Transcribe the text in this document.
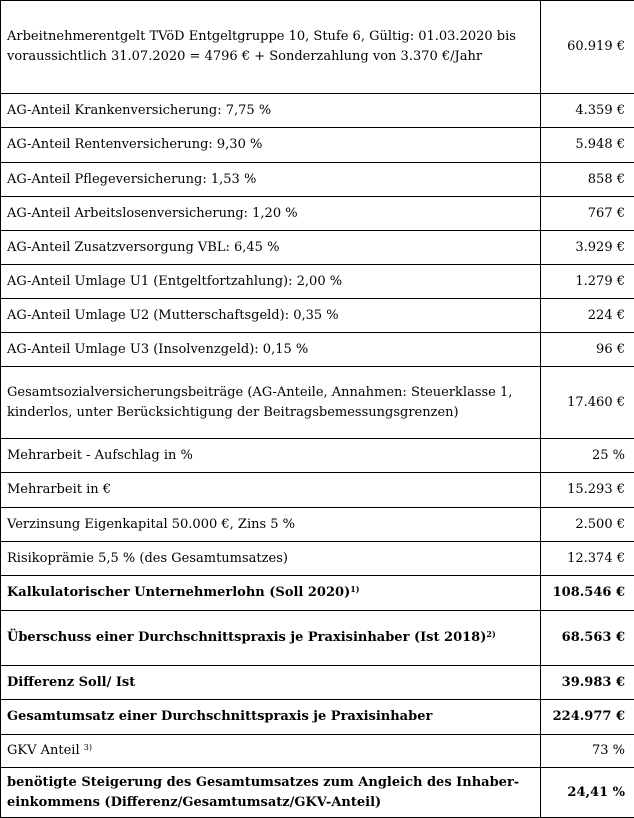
Arbeitnehmerentgelt TVöD Entgeltgruppe 10, Stufe 6, Gültig: 01.03.2020 bis voraussichtlich 31.07.2020 = 4796 € + Sonderzahlung von 3.370 €/Jahr	60.919 €
AG-Anteil Krankenversicherung: 7,75 %	4.359 €
AG-Anteil Rentenversicherung: 9,30 %	5.948 €
AG-Anteil Pflegeversicherung: 1,53 %	858 €
AG-Anteil Arbeitslosenversicherung: 1,20 %	767 €
AG-Anteil Zusatzversorgung VBL: 6,45 %	3.929 €
AG-Anteil Umlage U1 (Entgeltfortzahlung): 2,00 %	1.279 €
AG-Anteil Umlage U2 (Mutterschaftsgeld): 0,35 %	224 €
AG-Anteil Umlage U3 (Insolvenzgeld): 0,15 %	96 €
Gesamtsozialversicherungsbeiträge (AG-Anteile, Annahmen: Steuerklasse 1, kinderlos, unter Berücksichtigung der Beitragsbemessungsgrenzen)	17.460 €
Mehrarbeit - Aufschlag in %	25 %
Mehrarbeit in €	15.293 €
Verzinsung Eigenkapital 50.000 €, Zins 5 %	2.500 €
Risikoprämie 5,5 % (des Gesamtumsatzes)	12.374 €
Kalkulatorischer Unternehmerlohn (Soll 2020)$^{1)}$	108.546 €
Überschuss einer Durchschnittspraxis je Praxisinhaber (Ist 2018)$^{2)}$	68.563 €
Differenz Soll/ Ist	39.983 €
Gesamtumsatz einer Durchschnittspraxis je Praxisinhaber	224.977 €
GKV Anteil $^{3)}$	73 %
benötigte Steigerung des Gesamtumsatzes zum Angleich des Inhaber-einkommens (Differenz/Gesamtumsatz/GKV-Anteil)	24,41 %
